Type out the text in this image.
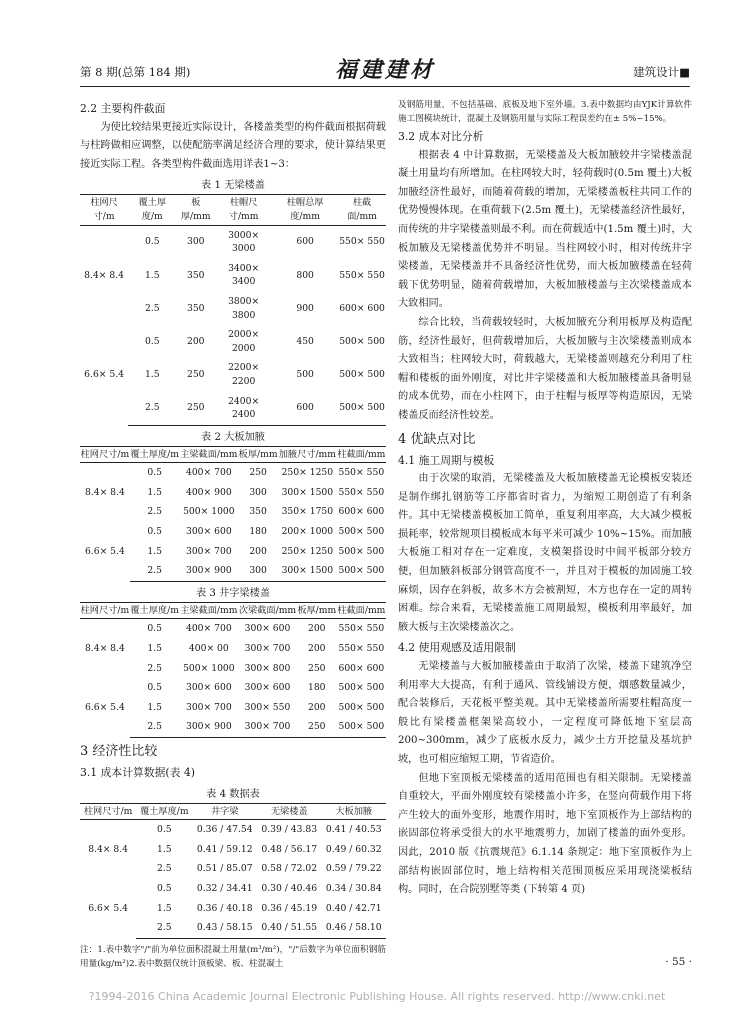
第 8 期(总第 184 期)	福建建材	建筑设计■
2.2 主要构件截面

为使比较结果更接近实际设计，各楼盖类型的构件截面根据荷载与柱跨做相应调整，以使配筋率满足经济合理的要求，使计算结果更接近实际工程。各类型构件截面选用详表1~3：

表 1 无梁楼盖
柱网尺寸/m	覆土厚度/m	板厚/mm	柱帽尺寸/mm	柱帽总厚度/mm	柱截面/mm
8.4× 8.4	0.5	300	3000× 3000	600	550× 550
	1.5	350	3400× 3400	800	550× 550
	2.5	350	3800× 3800	900	600× 600
6.6× 5.4	0.5	200	2000× 2000	450	500× 500
	1.5	250	2200× 2200	500	500× 500
	2.5	250	2400× 2400	600	500× 500
表 2 大板加腋
柱网尺寸/m	覆土厚度/m	主梁截面/mm	板厚/mm	加腋尺寸/mm	柱截面/mm
8.4× 8.4	0.5	400× 700	250	250× 1250	550× 550
	1.5	400× 900	300	300× 1500	550× 550
	2.5	500× 1000	350	350× 1750	600× 600
6.6× 5.4	0.5	300× 600	180	200× 1000	500× 500
	1.5	300× 700	200	250× 1250	500× 500
	2.5	300× 900	300	300× 1500	500× 500
表 3 井字梁楼盖
柱网尺寸/m	覆土厚度/m	主梁截面/mm	次梁截面/mm	板厚/mm	柱截面/mm
8.4× 8.4	0.5	400× 700	300× 600	200	550× 550
	1.5	400× 00	300× 700	200	550× 550
	2.5	500× 1000	300× 800	250	600× 600
6.6× 5.4	0.5	300× 600	300× 600	180	500× 500
	1.5	300× 700	300× 550	200	500× 500
	2.5	300× 900	300× 700	250	500× 500
3 经济性比较
3.1 成本计算数据(表 4)
表 4 数据表
柱网尺寸/m	覆土厚度/m	井字梁	无梁楼盖	大板加腋
8.4× 8.4	0.5	0.36 / 47.54	0.39 / 43.83	0.41 / 40.53
	1.5	0.41 / 59.12	0.48 / 56.17	0.49 / 60.32
	2.5	0.51 / 85.07	0.58 / 72.02	0.59 / 79.22
6.6× 5.4	0.5	0.32 / 34.41	0.30 / 40.46	0.34 / 30.84
	1.5	0.36 / 40.18	0.36 / 45.19	0.40 / 42.71
	2.5	0.43 / 58.15	0.40 / 51.55	0.46 / 58.10
注：1.表中数字"/"前为单位面积混凝土用量(m³/m²)，"/"后数字为单位面积钢筋用量(kg/m²)2.表中数据仅统计顶板梁、板、柱混凝土

及钢筋用量，不包括基础、底板及地下室外墙。3.表中数据均由YJK计算软件施工图模块统计，混凝土及钢筋用量与实际工程误差约在± 5%~15%。

3.2 成本对比分析

根据表 4 中计算数据，无梁楼盖及大板加腋较井字梁楼盖混凝土用量均有所增加。在柱网较大时，轻荷载时(0.5m 覆土)大板加腋经济性最好，而随着荷载的增加，无梁楼盖板柱共同工作的优势慢慢体现。在重荷载下(2.5m 覆土)，无梁楼盖经济性最好，而传统的井字梁楼盖则最不利。而在荷载适中(1.5m 覆土)时，大板加腋及无梁楼盖优势并不明显。当柱网较小时，相对传统井字梁楼盖，无梁楼盖并不具备经济性优势，而大板加腋楼盖在轻荷载下优势明显，随着荷载增加，大板加腋楼盖与主次梁楼盖成本大致相同。

综合比较，当荷载较轻时，大板加腋充分利用板厚及构造配筋，经济性最好，但荷载增加后，大板加腋与主次梁楼盖则成本大致相当；柱网较大时，荷载越大，无梁楼盖则越充分利用了柱帽和楼板的面外刚度，对比井字梁楼盖和大板加腋楼盖具备明显的成本优势，而在小柱网下，由于柱帽与板厚等构造原因，无梁楼盖反而经济性较差。

4 优缺点对比
4.1 施工周期与模板

由于次梁的取消，无梁楼盖及大板加腋楼盖无论模板安装还是制作绑扎钢筋等工序都省时省力，为缩短工期创造了有利条件。其中无梁楼盖模板加工简单，重复利用率高，大大减少模板损耗率，较常规项目模板成本每平米可减少 10%~15%。而加腋大板施工相对存在一定难度，支模架搭设时中间平板部分较方便，但加腋斜板部分钢管高度不一，并且对于模板的加固施工较麻烦，因存在斜板，故多木方会被割短，木方也存在一定的周转困难。综合来看，无梁楼盖施工周期最短，模板利用率最好，加腋大板与主次梁楼盖次之。

4.2 使用观感及适用限制

无梁楼盖与大板加腋楼盖由于取消了次梁，楼盖下建筑净空利用率大大提高，有利于通风、管线铺设方便，烟感数量减少，配合装修后，天花板平整美观。其中无梁楼盖所需要柱帽高度一般比有梁楼盖框架梁高较小，一定程度可降低地下室层高 200~300mm，减少了底板水反力，减少土方开挖量及基坑护坡，也可相应缩短工期，节省造价。

但地下室顶板无梁楼盖的适用范围也有相关限制。无梁楼盖自重较大，平面外刚度较有梁楼盖小许多，在竖向荷载作用下将产生较大的面外变形，地震作用时，地下室顶板作为上部结构的嵌固部位将承受很大的水平地震剪力，加剧了楼盖的面外变形。因此，2010 版《抗震规范》6.1.14 条规定：地下室顶板作为上部结构嵌固部位时，地上结构相关范围顶板应采用现浇梁板结构。同时，在合院别墅等类 (下转第 4 页)

· 55 ·
?1994-2016 China Academic Journal Electronic Publishing House. All rights reserved. http://www.cnki.net
